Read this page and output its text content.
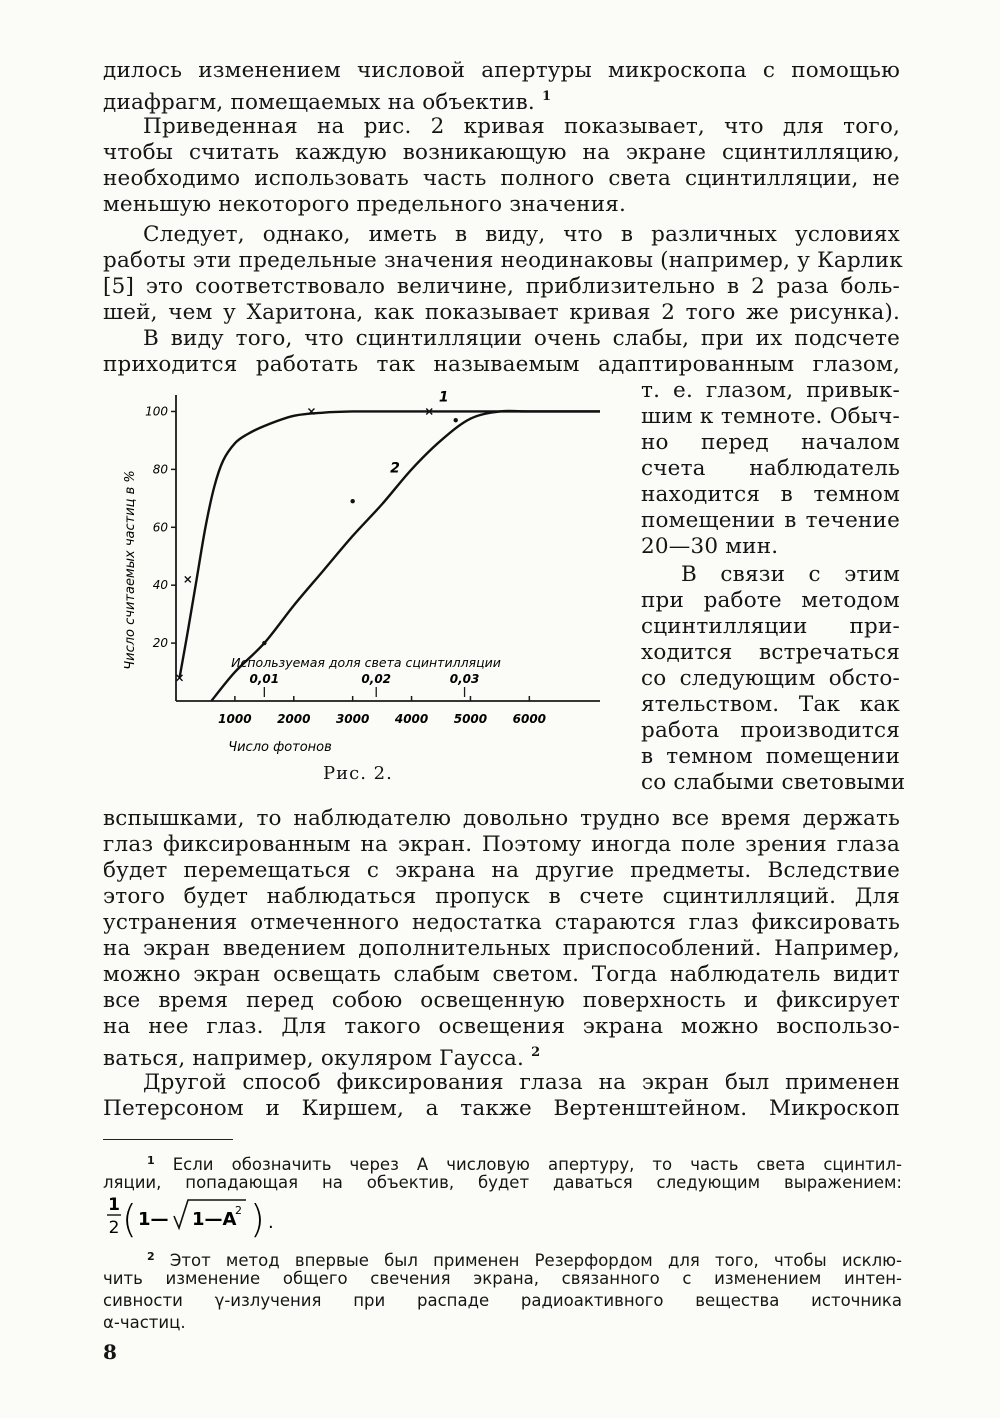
дилось изменением числовой апертуры микроскопа с помощью
диафрагм, помещаемых на объектив. $^1$
Приведенная на рис. 2 кривая показывает, что для того,
чтобы считать каждую возникающую на экране сцинтилляцию,
необходимо использовать часть полного света сцинтилляции, не
меньшую некоторого предельного значения.
Следует, однако, иметь в виду, что в различных условиях
работы эти предельные значения неодинаковы (например, у Карлик
[5] это соответствовало величине, приблизительно в 2 раза боль-
шей, чем у Харитона, как показывает кривая 2 того же рисунка).
В виду того, что сцинтилляции очень слабы, при их подсчете
приходится работать так называемым адаптированным глазом,
т. е. глазом, привык-
шим к темноте. Обыч-
но перед началом
счета наблюдатель
находится в темном
помещении в течение
20—30 мин.
В связи с этим
при работе методом
сцинтилляции при-
ходится встречаться
со следующим обсто-
ятельством. Так как
работа производится
в темном помещении
со слабыми световыми
20
40
60
80
100
1000 2000 3000 4000 5000 6000
0,01	0,02	0,03
1
2
Число считаемых частиц в %
Число фотонов
Используемая доля света сцинтилляции
Рис. 2.
вспышками, то наблюдателю довольно трудно все время держать
глаз фиксированным на экран. Поэтому иногда поле зрения глаза
будет перемещаться с экрана на другие предметы. Вследствие
этого будет наблюдаться пропуск в счете сцинтилляций. Для
устранения отмеченного недостатка стараются глаз фиксировать
на экран введением дополнительных приспособлений. Например,
можно экран освещать слабым светом. Тогда наблюдатель видит
все время перед собою освещенную поверхность и фиксирует
на нее глаз. Для такого освещения экрана можно воспользо-
ваться, например, окуляром Гаусса. $^2$
Другой способ фиксирования глаза на экран был применен
Петерсоном и Киршем, а также Вертенштейном. Микроскоп
$^1$ Если обозначить через A числовую апертуру, то часть света сцинтил-
ляции, попадающая на объектив, будет даваться следующим выражением:
1
2 ( 1— 1—A
2 ) .
$^2$ Этот метод впервые был применен Резерфордом для того, чтобы исклю-
чить изменение общего свечения экрана, связанного с изменением интен-
сивности γ-излучения при распаде радиоактивного вещества источника
α-частиц.
8
